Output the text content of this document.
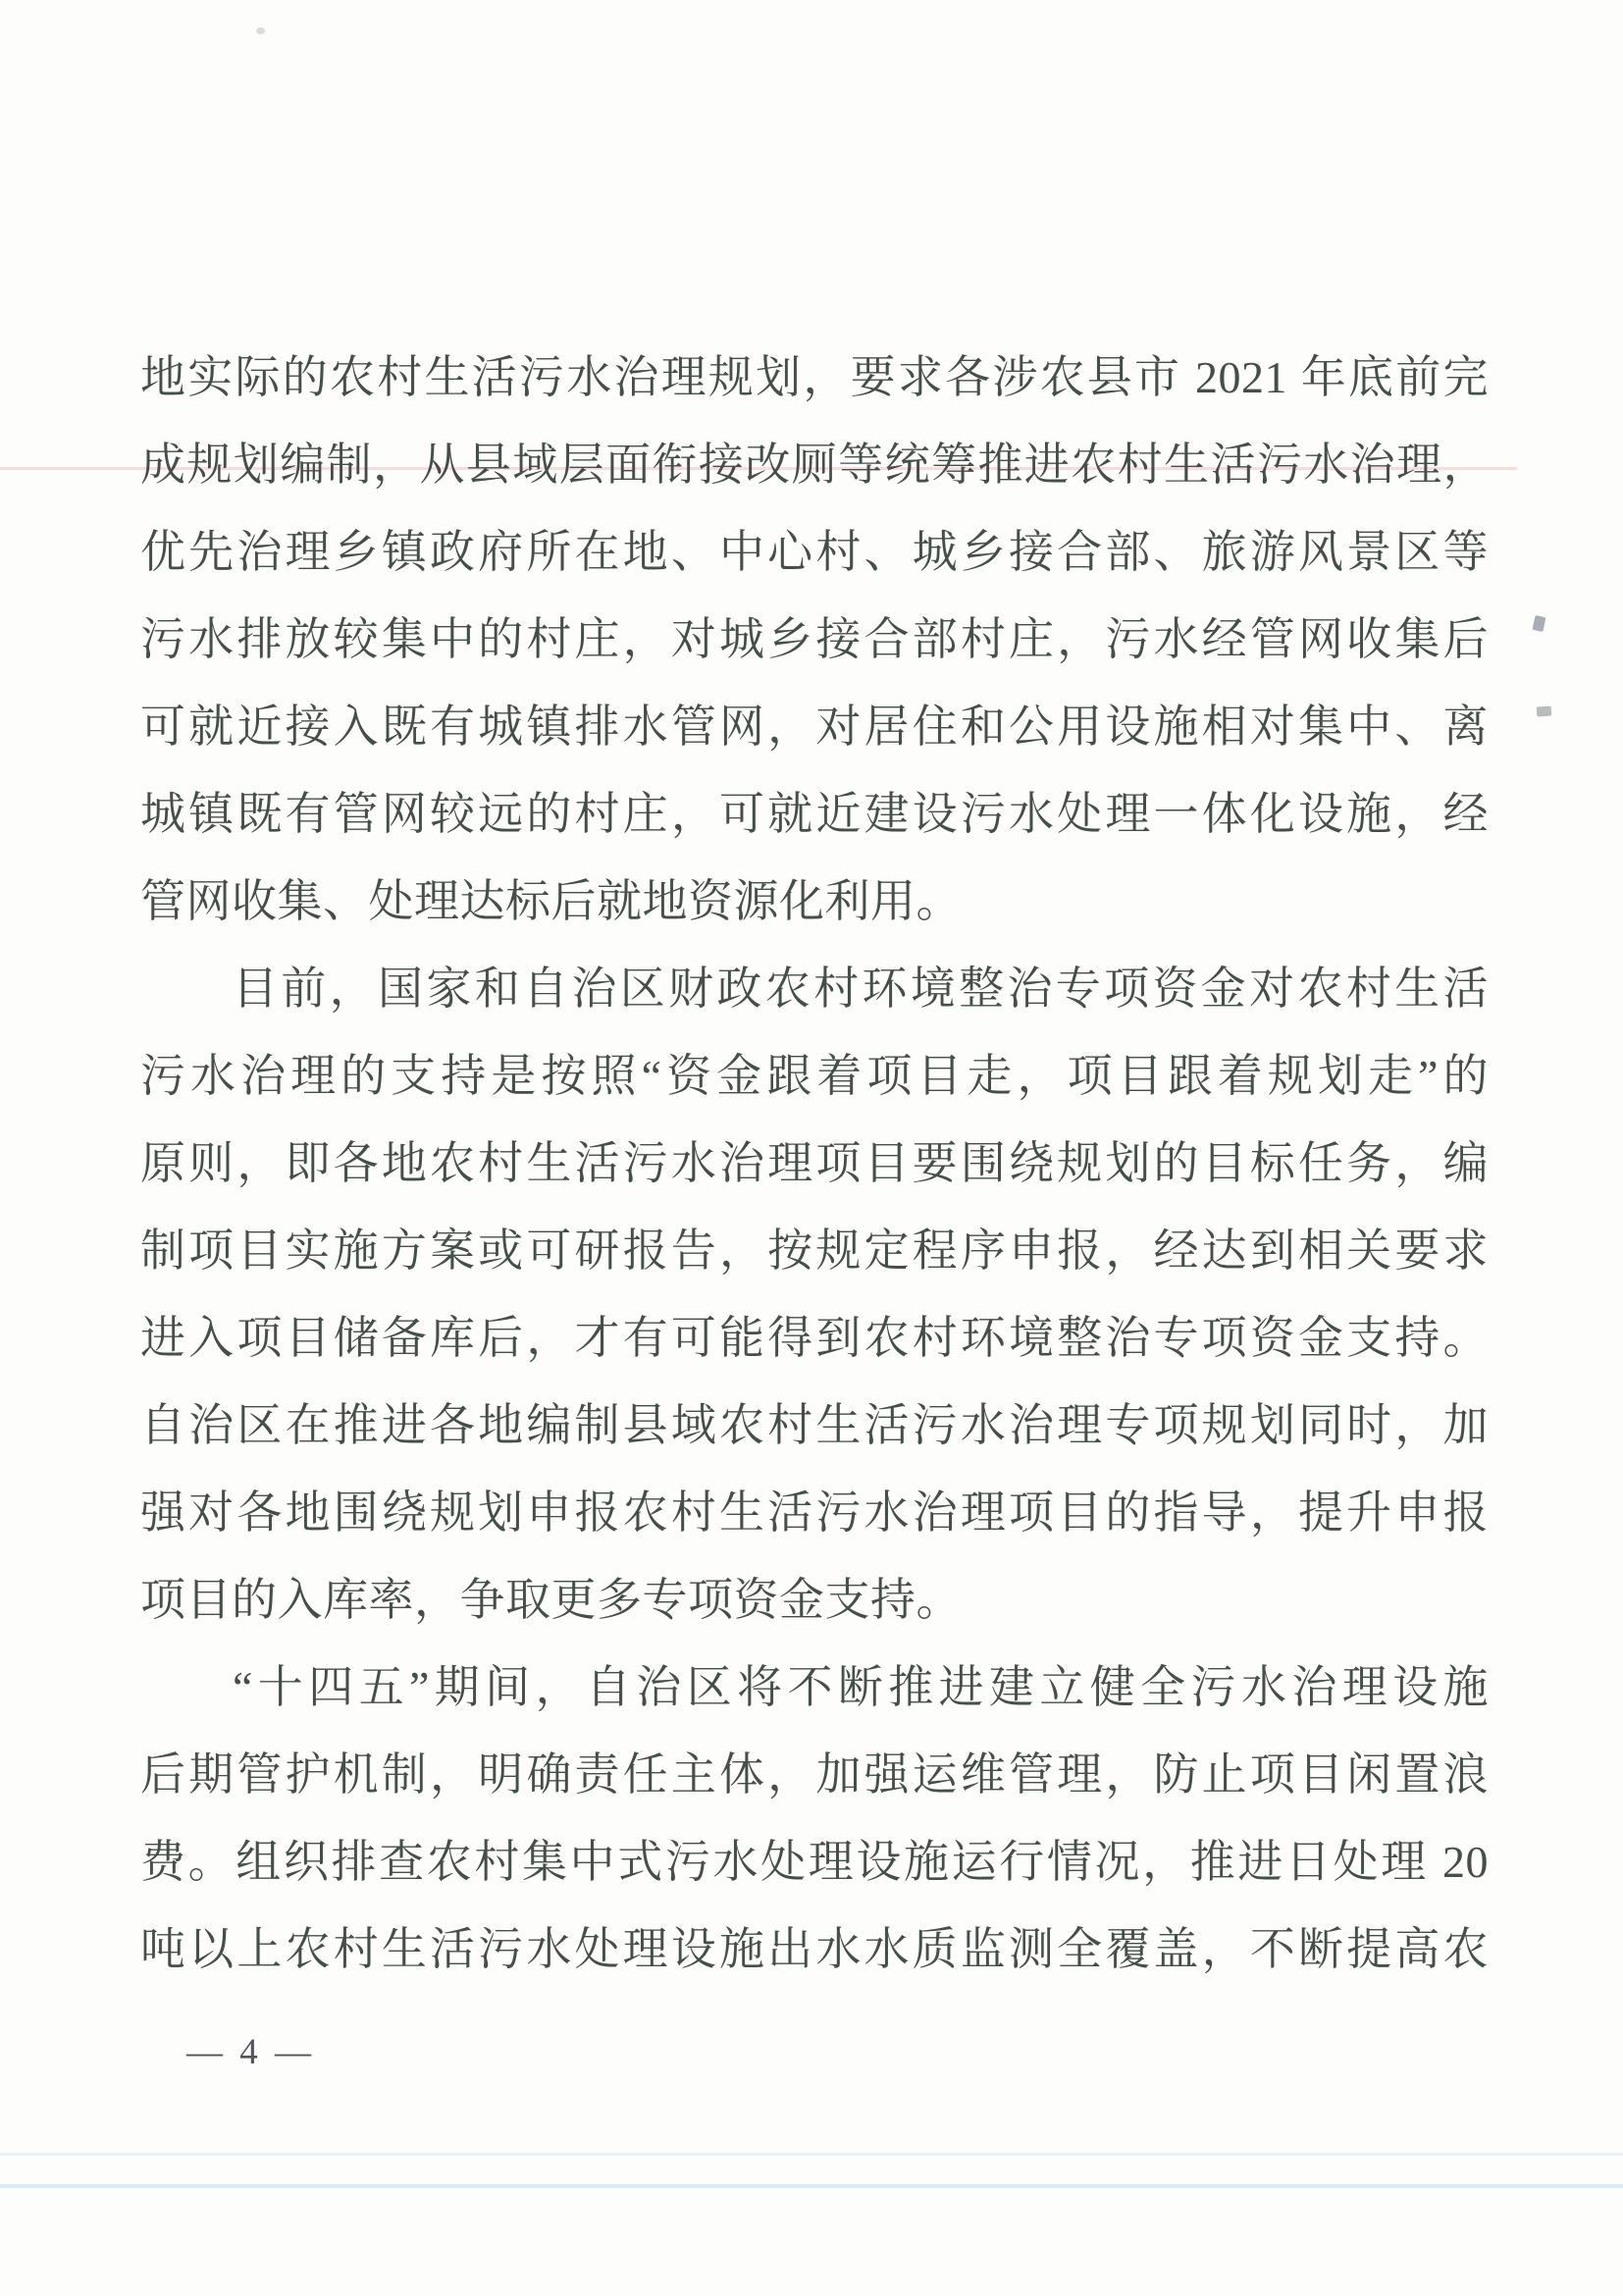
地实际的农村生活污水治理规划，要求各涉农县市 2021 年底前完
成规划编制，从县域层面衔接改厕等统筹推进农村生活污水治理，
优先治理乡镇政府所在地、中心村、城乡接合部、旅游风景区等
污水排放较集中的村庄，对城乡接合部村庄，污水经管网收集后
可就近接入既有城镇排水管网，对居住和公用设施相对集中、离
城镇既有管网较远的村庄，可就近建设污水处理一体化设施，经
管网收集、处理达标后就地资源化利用。
目前，国家和自治区财政农村环境整治专项资金对农村生活
污水治理的支持是按照“资金跟着项目走，项目跟着规划走”的
原则，即各地农村生活污水治理项目要围绕规划的目标任务，编
制项目实施方案或可研报告，按规定程序申报，经达到相关要求
进入项目储备库后，才有可能得到农村环境整治专项资金支持。
自治区在推进各地编制县域农村生活污水治理专项规划同时，加
强对各地围绕规划申报农村生活污水治理项目的指导，提升申报
项目的入库率，争取更多专项资金支持。
“十四五”期间，自治区将不断推进建立健全污水治理设施
后期管护机制，明确责任主体，加强运维管理，防止项目闲置浪
费。组织排查农村集中式污水处理设施运行情况，推进日处理 20
吨以上农村生活污水处理设施出水水质监测全覆盖，不断提高农
— 4 —
